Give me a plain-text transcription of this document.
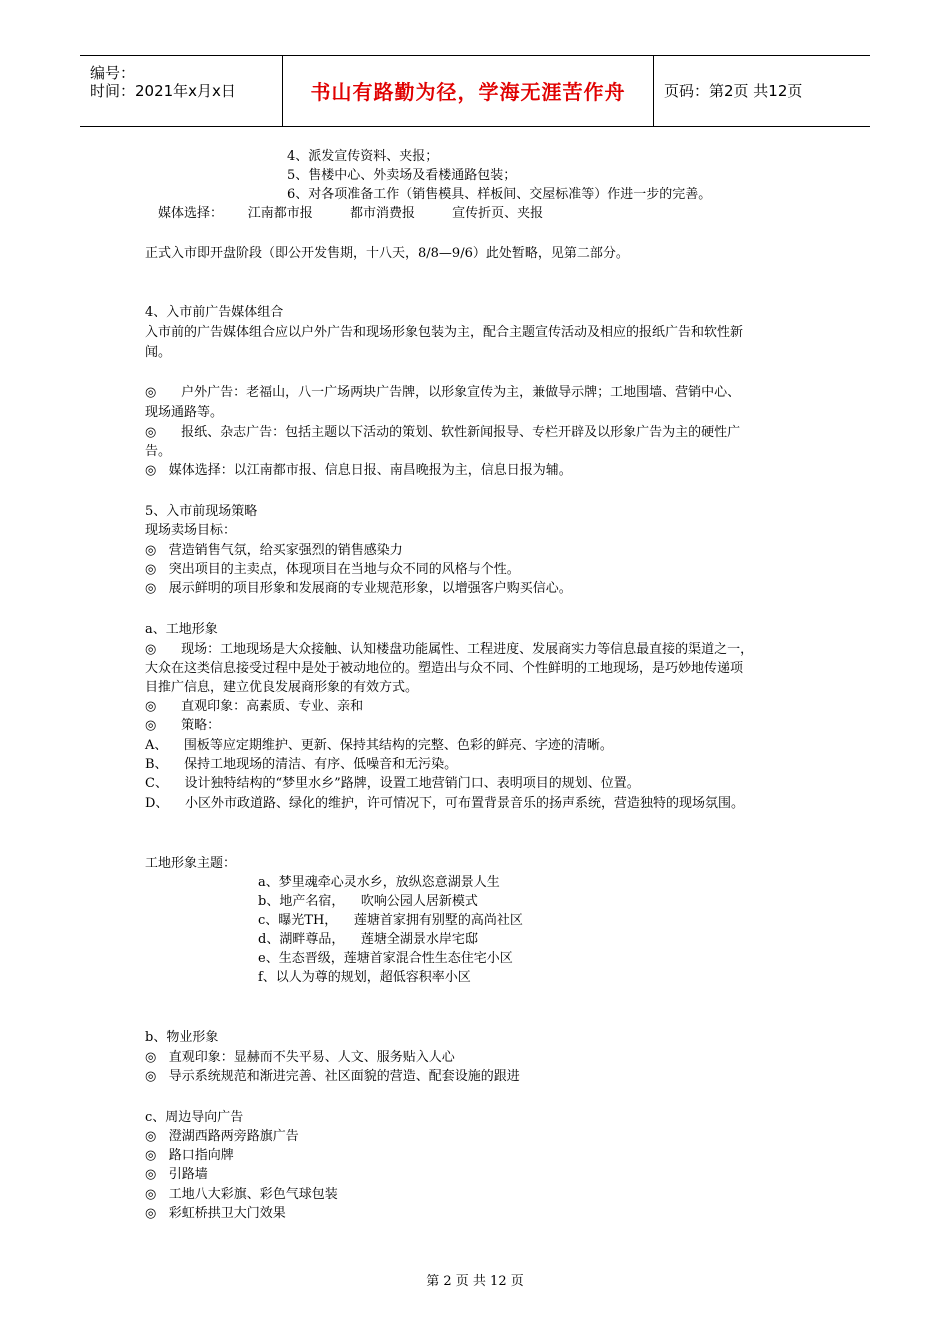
编号：
时间：2021年x月x日	书山有路勤为径，学海无涯苦作舟	页码：第2页 共12页
4、派发宣传资料、夹报；
5、售楼中心、外卖场及看楼通路包装；
6、对各项准备工作（销售模具、样板间、交屋标准等）作进一步的完善。
媒体选择：      江南都市报         都市消费报         宣传折页、夹报
正式入市即开盘阶段（即公开发售期，十八天，8/8—9/6）此处暂略，见第二部分。
4、入市前广告媒体组合
入市前的广告媒体组合应以户外广告和现场形象包装为主，配合主题宣传活动及相应的报纸广告和软性新
闻。
◎      户外广告：老福山，八一广场两块广告牌，以形象宣传为主，兼做导示牌；工地围墙、营销中心、
现场通路等。
◎      报纸、杂志广告：包括主题以下活动的策划、软性新闻报导、专栏开辟及以形象广告为主的硬性广
告。
◎   媒体选择：以江南都市报、信息日报、南昌晚报为主，信息日报为辅。
5、入市前现场策略
现场卖场目标：
◎   营造销售气氛，给买家强烈的销售感染力
◎   突出项目的主卖点，体现项目在当地与众不同的风格与个性。
◎   展示鲜明的项目形象和发展商的专业规范形象，以增强客户购买信心。
a、工地形象
◎      现场：工地现场是大众接触、认知楼盘功能属性、工程进度、发展商实力等信息最直接的渠道之一，
大众在这类信息接受过程中是处于被动地位的。塑造出与众不同、个性鲜明的工地现场，是巧妙地传递项
目推广信息，建立优良发展商形象的有效方式。
◎      直观印象：高素质、专业、亲和
◎      策略：
A、    围板等应定期维护、更新、保持其结构的完整、色彩的鲜亮、字迹的清晰。
B、    保持工地现场的清洁、有序、低噪音和无污染。
C、    设计独特结构的“梦里水乡”路牌，设置工地营销门口、表明项目的规划、位置。
D、    小区外市政道路、绿化的维护，许可情况下，可布置背景音乐的扬声系统，营造独特的现场氛围。
工地形象主题：
a、梦里魂牵心灵水乡，放纵恣意湖景人生
b、地产名宿，    吹响公园人居新模式
c、曝光TH，    莲塘首家拥有别墅的高尚社区
d、湖畔尊品，    莲塘全湖景水岸宅邸
e、生态晋级，莲塘首家混合性生态住宅小区
f、以人为尊的规划，超低容积率小区
b、物业形象
◎   直观印象：显赫而不失平易、人文、服务贴入人心
◎   导示系统规范和渐进完善、社区面貌的营造、配套设施的跟进
c、周边导向广告
◎   澄湖西路两旁路旗广告
◎   路口指向牌
◎   引路墙
◎   工地八大彩旗、彩色气球包装
◎   彩虹桥拱卫大门效果
第 2 页 共 12 页
